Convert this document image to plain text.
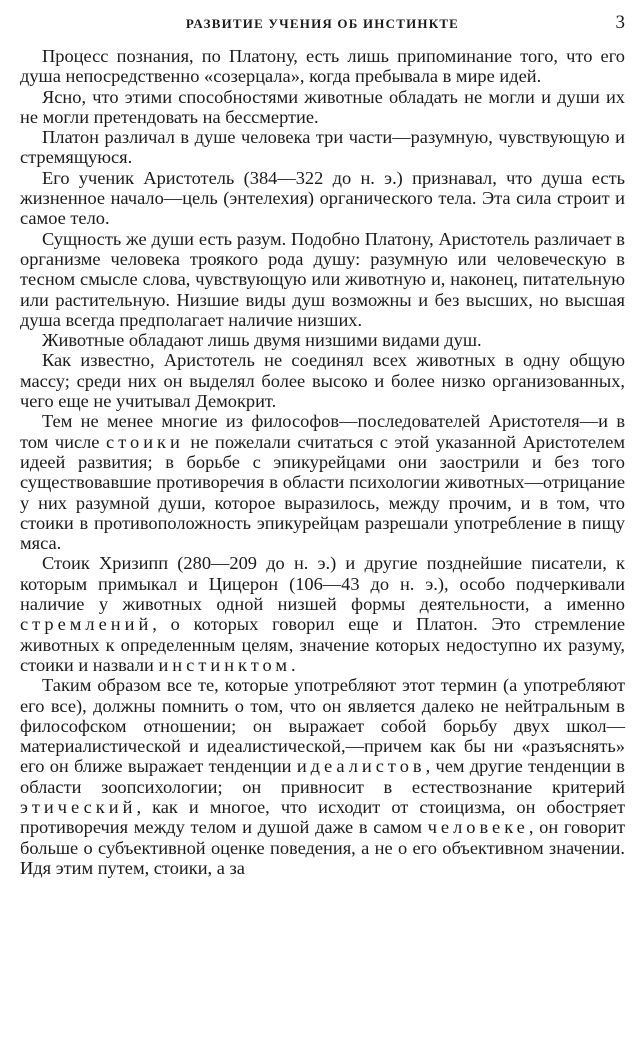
РАЗВИТИЕ УЧЕНИЯ ОБ ИНСТИНКТЕ	3

Процесс познания, по Платону, есть лишь припоминание того, что его душа непосредственно «созерцала», когда пребывала в мире идей.

Ясно, что этими способностями животные обладать не могли и души их не могли претендовать на бессмертие.

Платон различал в душе человека три части—разумную, чувствующую и стремящуюся.

Его ученик Аристотель (384—322 до н. э.) признавал, что душа есть жизненное начало—цель (энтелехия) органического тела. Эта сила строит и самое тело.

Сущность же души есть разум. Подобно Платону, Аристотель различает в организме человека троякого рода душу: разумную или человеческую в тесном смысле слова, чувствующую или животную и, наконец, питательную или растительную. Низшие виды душ возможны и без высших, но высшая душа всегда предполагает наличие низших.

Животные обладают лишь двумя низшими видами душ.

Как известно, Аристотель не соединял всех животных в одну общую массу; среди них он выделял более высоко и более низко организованных, чего еще не учитывал Демокрит.

Тем не менее многие из философов—последователей Аристотеля—и в том числе стоики не пожелали считаться с этой указанной Аристотелем идеей развития; в борьбе с эпикурейцами они заострили и без того существовавшие противоречия в области психологии животных—отрицание у них разумной души, которое выразилось, между прочим, и в том, что стоики в противоположность эпикурейцам разрешали употребление в пищу мяса.

Стоик Хризипп (280—209 до н. э.) и другие позднейшие писатели, к которым примыкал и Цицерон (106—43 до н. э.), особо подчеркивали наличие у животных одной низшей формы деятельности, а именно стремлений, о которых говорил еще и Платон. Это стремление животных к определенным целям, значение которых недоступно их разуму, стоики и назвали инстинктом.

Таким образом все те, которые употребляют этот термин (а употребляют его все), должны помнить о том, что он является далеко не нейтральным в философском отношении; он выражает собой борьбу двух школ—материалистической и идеалистической,—причем как бы ни «разъяснять» его он ближе выражает тенденции идеалистов, чем другие тенденции в области зоопсихологии; он привносит в естествознание критерий этический, как и многое, что исходит от стоицизма, он обостряет противоречия между телом и душой даже в самом человеке, он говорит больше о субъективной оценке поведения, а не о его объективном значении. Идя этим путем, стоики, а за
